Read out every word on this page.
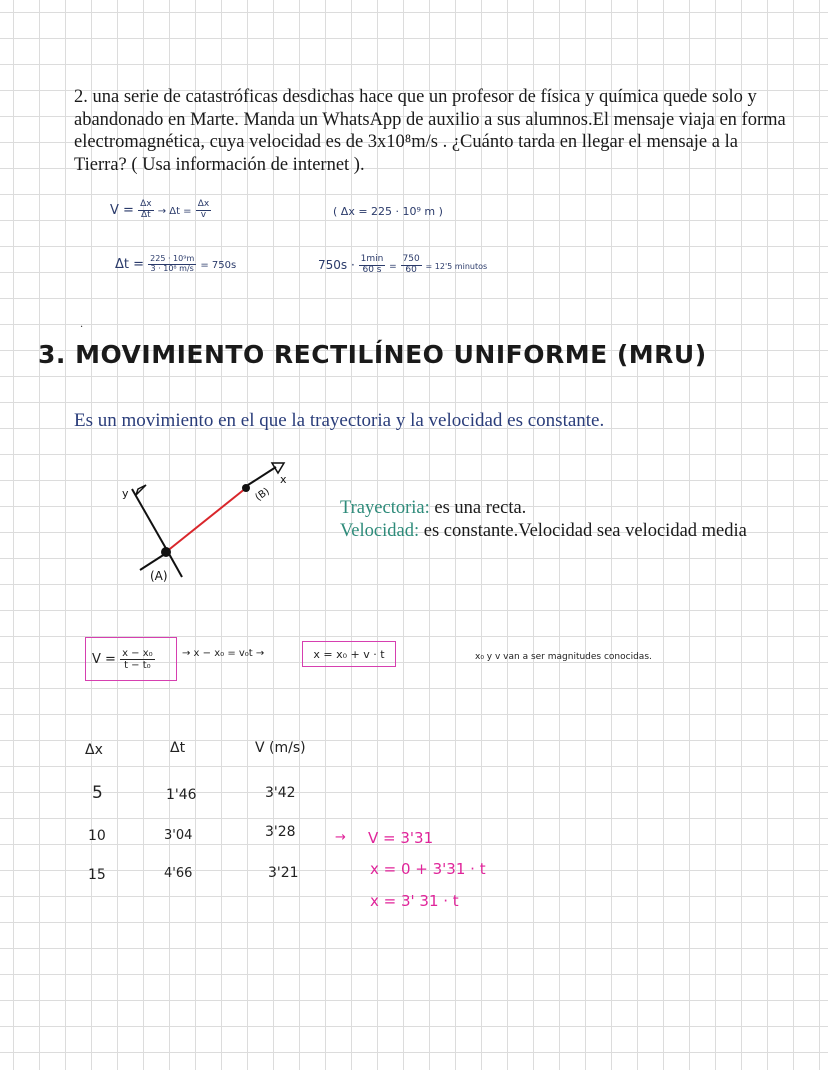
2. una serie de catastróficas desdichas hace que un profesor de física y química quede solo y abandonado en Marte. Manda un WhatsApp de auxilio a sus alumnos.El mensaje viaja en forma electromagnética, cuya velocidad es de 3x10⁸m/s . ¿Cuánto tarda en llegar el mensaje a la Tierra? ( Usa información de internet ).
$V = \frac{\Delta x}{\Delta t} \to \Delta t = \frac{\Delta x}{v}$	( Δx = 225 · 10⁹ m )
$\Delta t = \frac{\text{225 · 10⁹m}}{\text{3 · 10⁸ m/s}} = 750s$	$750s \cdot \frac{1\min}{60 s} = \frac{750}{60} = 12'5$ minutos
·
3. MOVIMIENTO RECTILÍNEO UNIFORME (MRU)
Es un movimiento en el que la trayectoria y la velocidad es constante.
y
x
(A)
(B)
Trayectoria: es una recta.
Velocidad: es constante.Velocidad sea velocidad media
V =
$\frac{\text{x − x₀}}{\text{t − t₀}}$	→ x − x₀ = v₀t →	x = x₀ + v · t	x₀ y v van a ser magnitudes conocidas.
Δx	Δt	V (m/s)
5	1'46	3'42
10	3'04	3'28
15	4'66	3'21
→ V = 3'31
x = 0 + 3'31 · t
x = 3' 31 · t
